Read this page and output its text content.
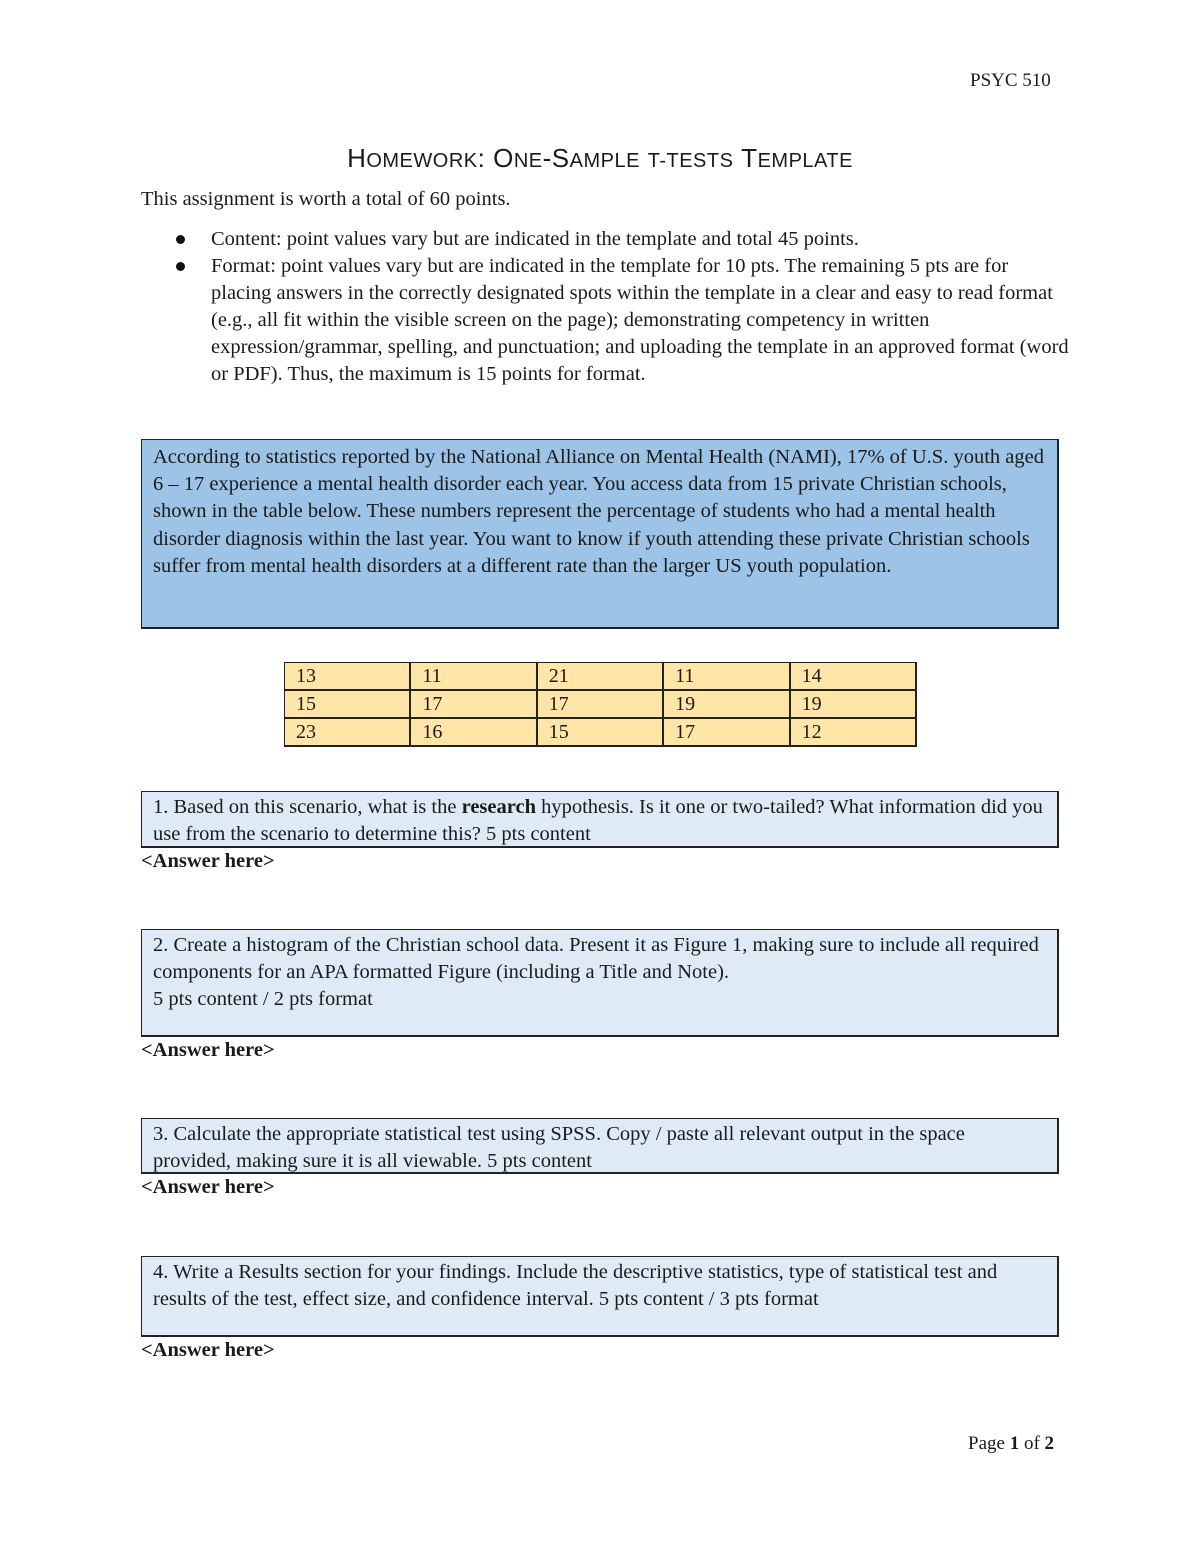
PSYC 510
HOMEWORK: ONE-SAMPLE T-TESTS TEMPLATE
This assignment is worth a total of 60 points.
Content: point values vary but are indicated in the template and total 45 points.
Format: point values vary but are indicated in the template for 10 pts. The remaining 5 pts are for placing answers in the correctly designated spots within the template in a clear and easy to read format (e.g., all fit within the visible screen on the page); demonstrating competency in written expression/grammar, spelling, and punctuation; and uploading the template in an approved format (word or PDF). Thus, the maximum is 15 points for format.
According to statistics reported by the National Alliance on Mental Health (NAMI), 17% of U.S. youth aged 6 – 17 experience a mental health disorder each year. You access data from 15 private Christian schools, shown in the table below. These numbers represent the percentage of students who had a mental health disorder diagnosis within the last year. You want to know if youth attending these private Christian schools suffer from mental health disorders at a different rate than the larger US youth population.
13	11	21	11	14
15	17	17	19	19
23	16	15	17	12
1. Based on this scenario, what is the research hypothesis. Is it one or two-tailed? What information did you use from the scenario to determine this? 5 pts content
<Answer here>
2. Create a histogram of the Christian school data. Present it as Figure 1, making sure to include all required components for an APA formatted Figure (including a Title and Note).
5 pts content / 2 pts format
<Answer here>
3. Calculate the appropriate statistical test using SPSS. Copy / paste all relevant output in the space provided, making sure it is all viewable. 5 pts content
<Answer here>
4. Write a Results section for your findings. Include the descriptive statistics, type of statistical test and results of the test, effect size, and confidence interval. 5 pts content / 3 pts format
<Answer here>
Page 1 of 2
